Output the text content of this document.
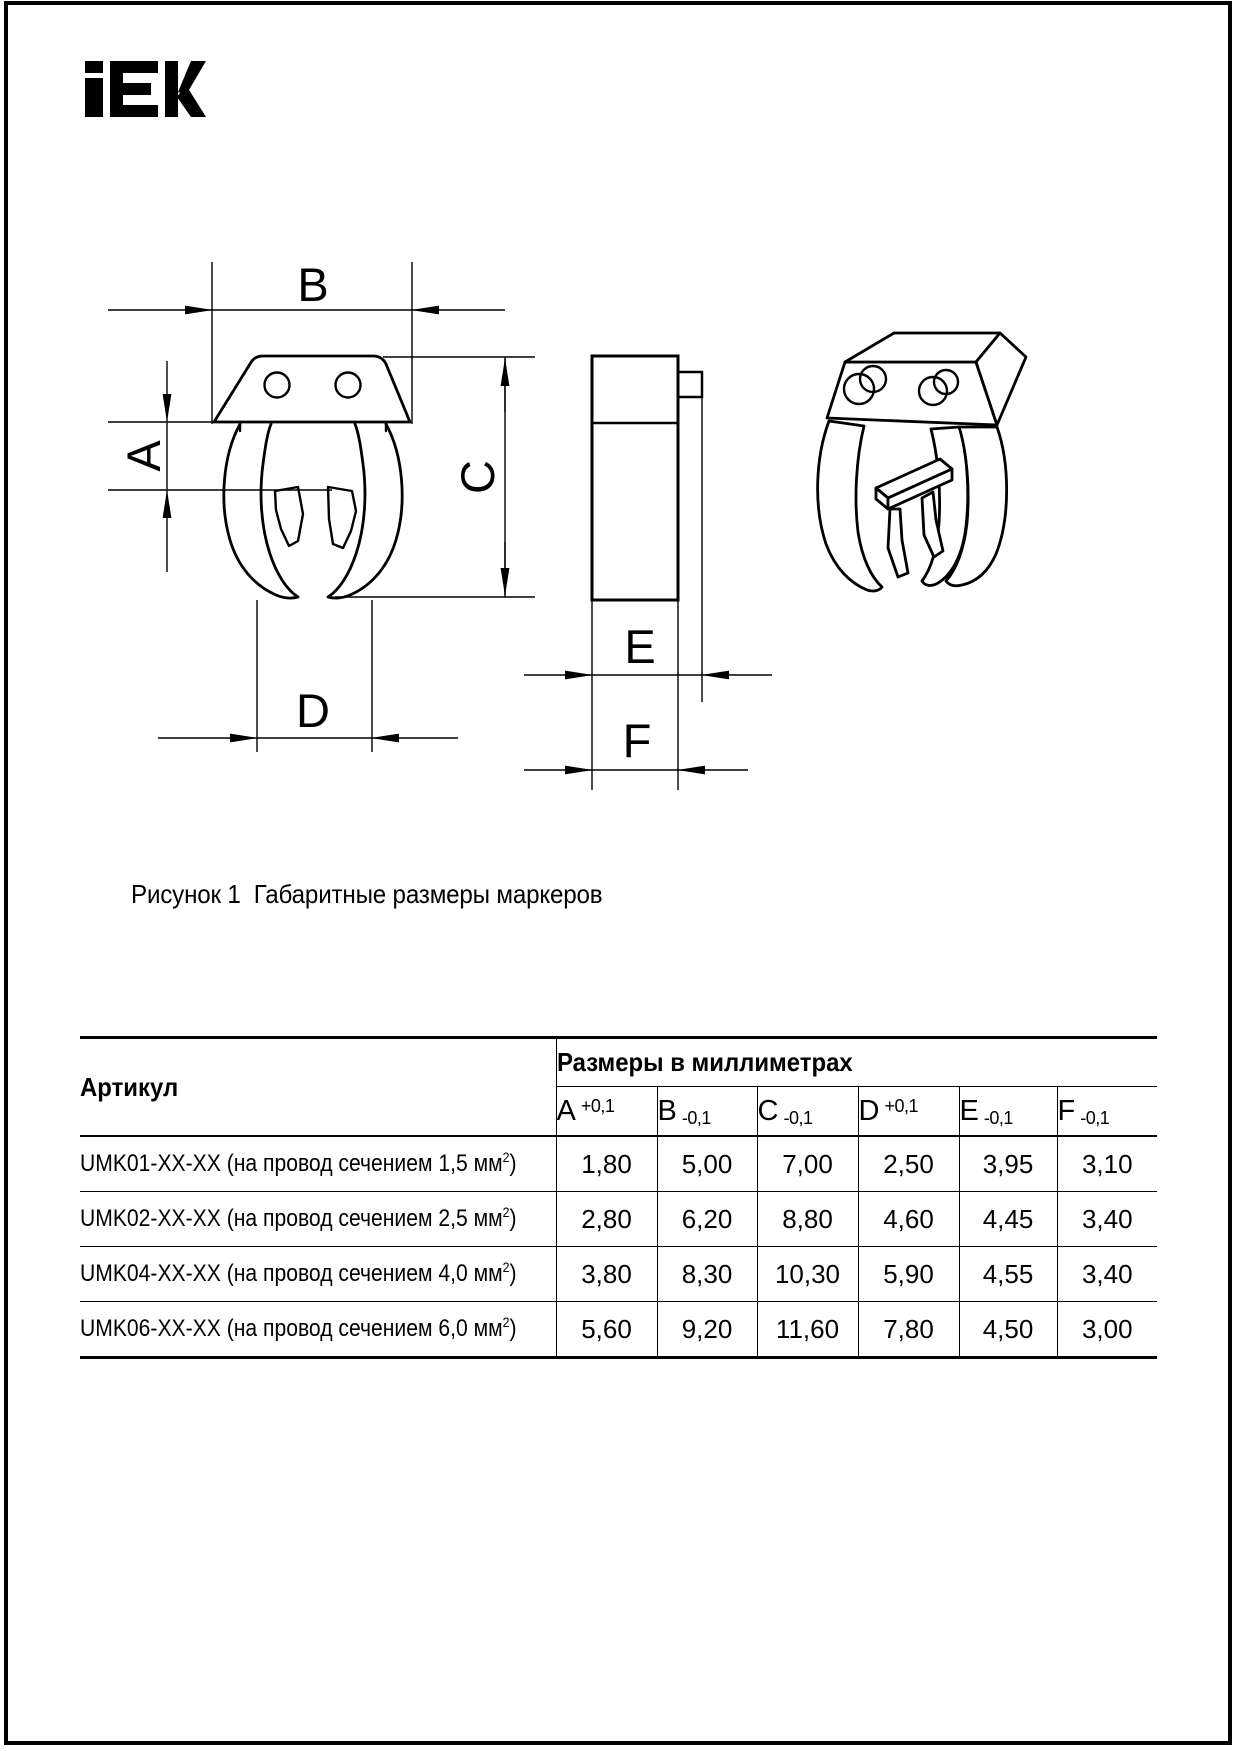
B
A
C
D
E
F
Рисунок 1  Габаритные размеры маркеров
Артикул	Размеры в миллиметрах					
	A $^{+0,1}$	B -0,1	C -0,1	D $^{+0,1}$	E -0,1	F -0,1
UMK01-XX-XX (на провод сечением 1,5 $мм^2$)	1,80	5,00	7,00	2,50	3,95	3,10
UMK02-XX-XX (на провод сечением 2,5 $мм^2$)	2,80	6,20	8,80	4,60	4,45	3,40
UMK04-XX-XX (на провод сечением 4,0 $мм^2$)	3,80	8,30	10,30	5,90	4,55	3,40
UMK06-XX-XX (на провод сечением 6,0 $мм^2$)	5,60	9,20	11,60	7,80	4,50	3,00
